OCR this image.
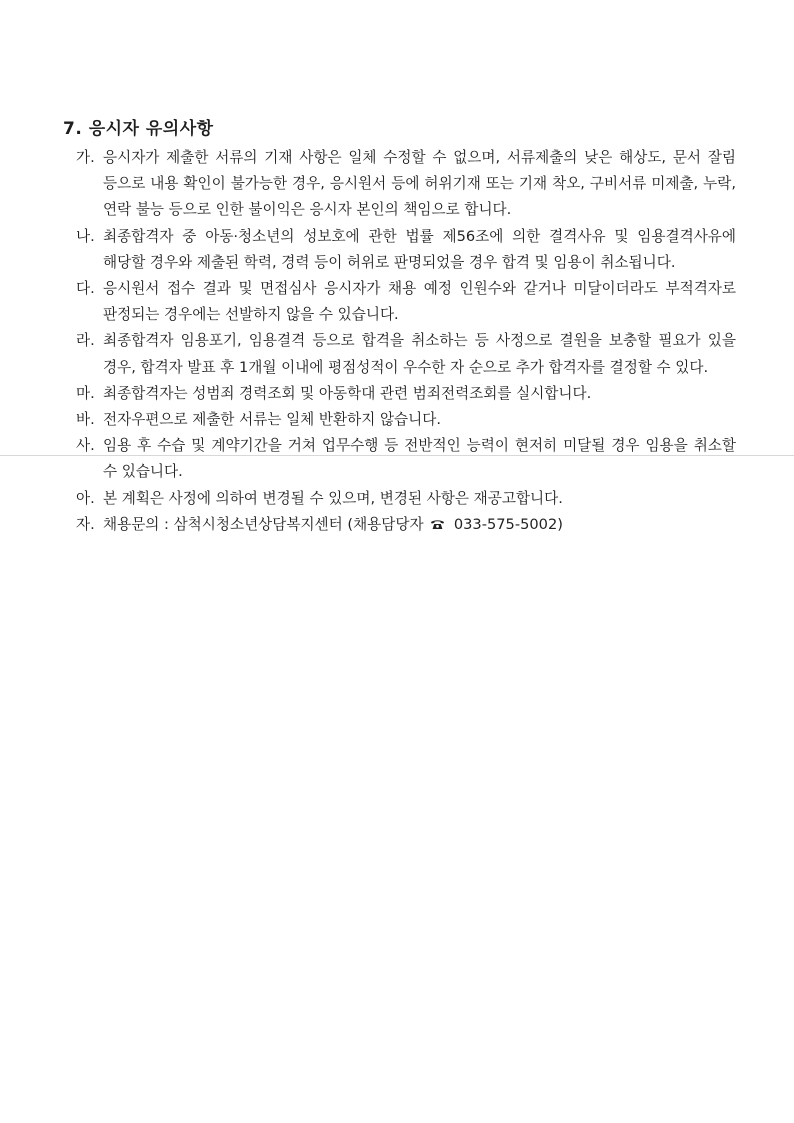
7. 응시자 유의사항
가. 응시자가 제출한 서류의 기재 사항은 일체 수정할 수 없으며, 서류제출의 낮은 해상도, 문서 잘림 등으로 내용 확인이 불가능한 경우, 응시원서 등에 허위기재 또는 기재 착오, 구비서류 미제출, 누락, 연락 불능 등으로 인한 불이익은 응시자 본인의 책임으로 합니다.
나. 최종합격자 중 아동·청소년의 성보호에 관한 법률 제56조에 의한 결격사유 및 임용결격사유에 해당할 경우와 제출된 학력, 경력 등이 허위로 판명되었을 경우 합격 및 임용이 취소됩니다.
다. 응시원서 접수 결과 및 면접심사 응시자가 채용 예정 인원수와 같거나 미달이더라도 부적격자로 판정되는 경우에는 선발하지 않을 수 있습니다.
라. 최종합격자 임용포기, 임용결격 등으로 합격을 취소하는 등 사정으로 결원을 보충할 필요가 있을 경우, 합격자 발표 후 1개월 이내에 평점성적이 우수한 자 순으로 추가 합격자를 결정할 수 있다.
마. 최종합격자는 성범죄 경력조회 및 아동학대 관련 범죄전력조회를 실시합니다.
바. 전자우편으로 제출한 서류는 일체 반환하지 않습니다.
사. 임용 후 수습 및 계약기간을 거쳐 업무수행 등 전반적인 능력이 현저히 미달될 경우 임용을 취소할 수 있습니다.
아. 본 계획은 사정에 의하여 변경될 수 있으며, 변경된 사항은 재공고합니다.
자. 채용문의 : 삼척시청소년상담복지센터 (채용담당자 033-575-5002)
